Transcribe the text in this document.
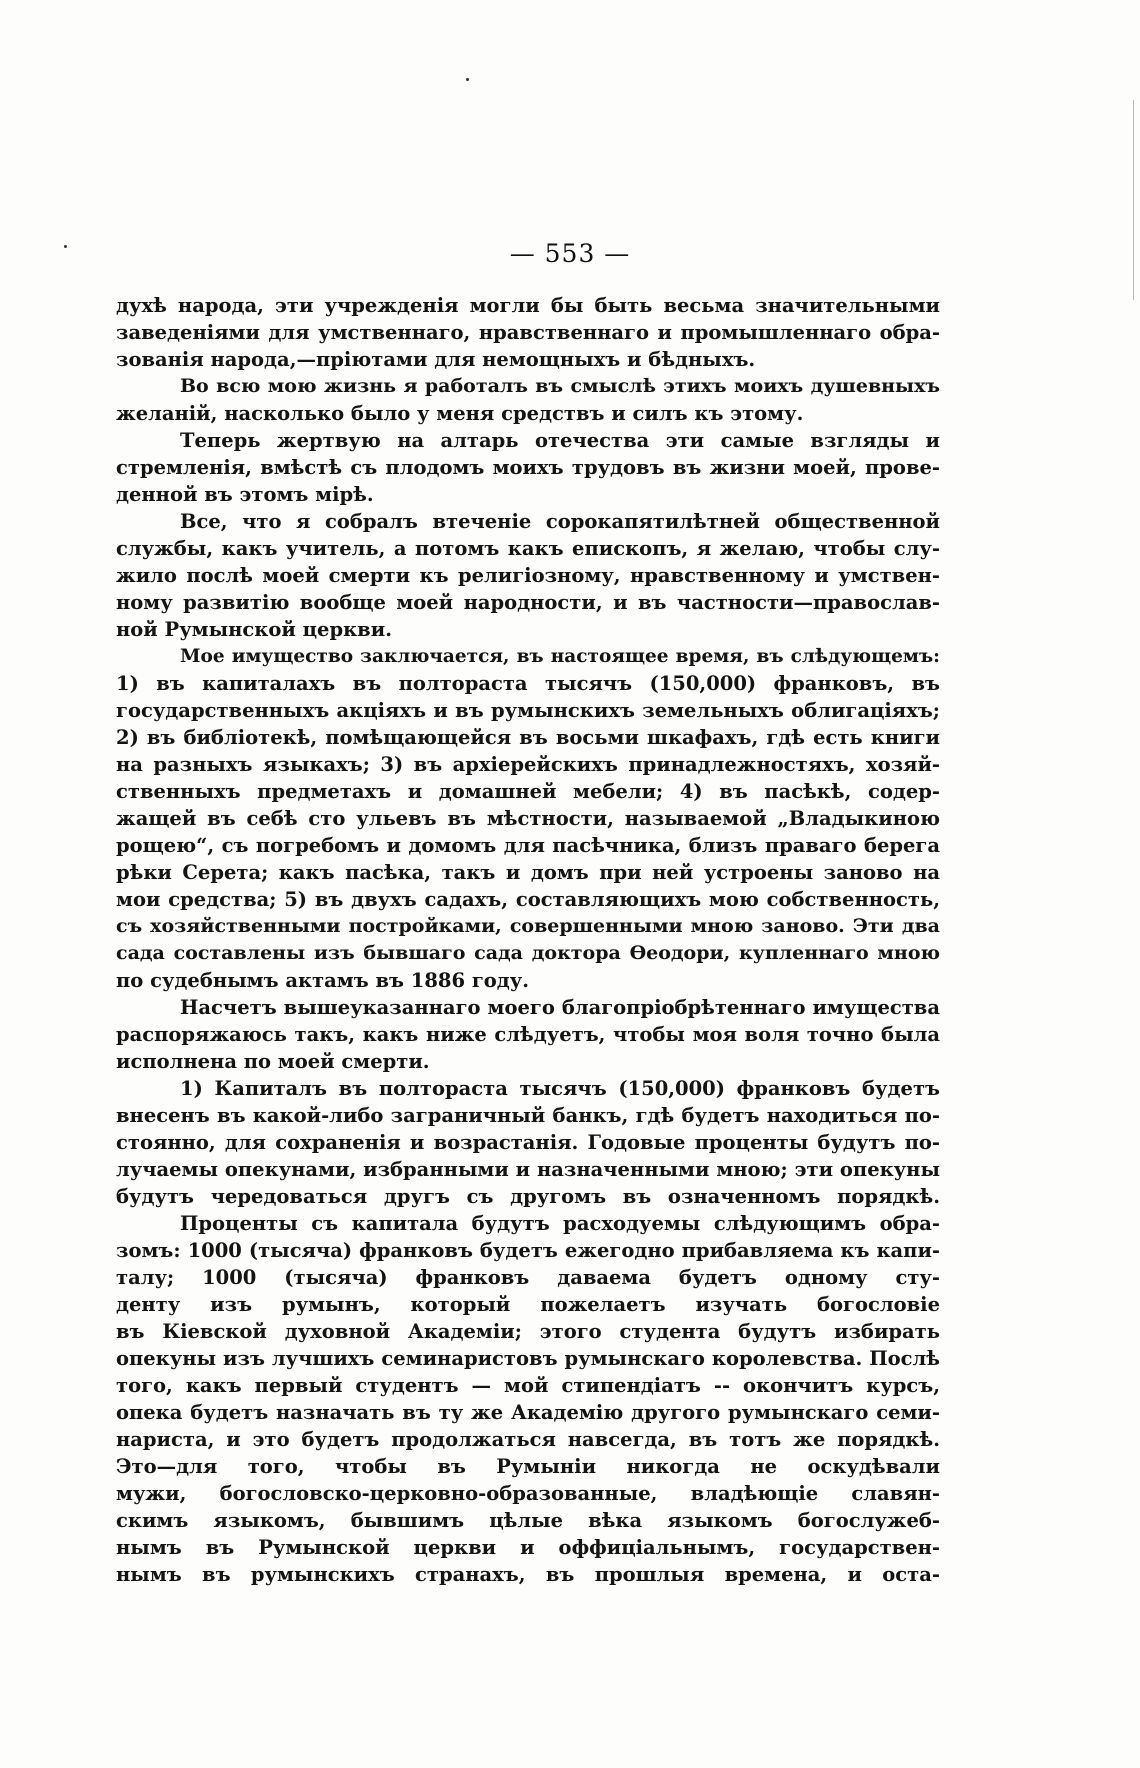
— 553 —
духѣ народа, эти учрежденія могли бы быть весьма значительными
заведеніями для умственнаго, нравственнаго и промышленнаго обра-
зованія народа,—пріютами для немощныхъ и бѣдныхъ.
Во всю мою жизнь я работалъ въ смыслѣ этихъ моихъ душевныхъ
желаній, насколько было у меня средствъ и силъ къ этому.
Теперь жертвую на алтарь отечества эти самые взгляды и
стремленія, вмѣстѣ съ плодомъ моихъ трудовъ въ жизни моей, прове-
денной въ этомъ мірѣ.
Все, что я собралъ втеченіе сорокапятилѣтней общественной
службы, какъ учитель, а потомъ какъ епископъ, я желаю, чтобы слу-
жило послѣ моей смерти къ религіозному, нравственному и умствен-
ному развитію вообще моей народности, и въ частности—православ-
ной Румынской церкви.
Мое имущество заключается, въ настоящее время, въ слѣдующемъ:
1) въ капиталахъ въ полтораста тысячъ (150,000) франковъ, въ
государственныхъ акціяхъ и въ румынскихъ земельныхъ облигаціяхъ;
2) въ библіотекѣ, помѣщающейся въ восьми шкафахъ, гдѣ есть книги
на разныхъ языкахъ; 3) въ архіерейскихъ принадлежностяхъ, хозяй-
ственныхъ предметахъ и домашней мебели; 4) въ пасѣкѣ, содер-
жащей въ себѣ сто ульевъ въ мѣстности, называемой „Владыкиною
рощею“, съ погребомъ и домомъ для пасѣчника, близъ праваго берега
рѣки Серета; какъ пасѣка, такъ и домъ при ней устроены заново на
мои средства; 5) въ двухъ садахъ, составляющихъ мою собственность,
съ хозяйственными постройками, совершенными мною заново. Эти два
сада составлены изъ бывшаго сада доктора Ѳеодори, купленнаго мною
по судебнымъ актамъ въ 1886 году.
Насчетъ вышеуказаннаго моего благопріобрѣтеннаго имущества
распоряжаюсь такъ, какъ ниже слѣдуетъ, чтобы моя воля точно была
исполнена по моей смерти.
1) Капиталъ въ полтораста тысячъ (150,000) франковъ будетъ
внесенъ въ какой-либо заграничный банкъ, гдѣ будетъ находиться по-
стоянно, для сохраненія и возрастанія. Годовые проценты будутъ по-
лучаемы опекунами, избранными и назначенными мною; эти опекуны
будутъ чередоваться другъ съ другомъ въ означенномъ порядкѣ.
Проценты съ капитала будутъ расходуемы слѣдующимъ обра-
зомъ: 1000 (тысяча) франковъ будетъ ежегодно прибавляема къ капи-
талу; 1000 (тысяча) франковъ даваема будетъ одному сту-
денту изъ румынъ, который пожелаетъ изучать богословіе
въ Кіевской духовной Академіи; этого студента будутъ избирать
опекуны изъ лучшихъ семинаристовъ румынскаго королевства. Послѣ
того, какъ первый студентъ — мой стипендіатъ -- окончитъ курсъ,
опека будетъ назначать въ ту же Академію другого румынскаго семи-
нариста, и это будетъ продолжаться навсегда, въ тотъ же порядкѣ.
Это—для того, чтобы въ Румыніи никогда не оскудѣвали
мужи, богословско-церковно-образованные, владѣющіе славян-
скимъ языкомъ, бывшимъ цѣлые вѣка языкомъ богослужеб-
нымъ въ Румынской церкви и оффиціальнымъ, государствен-
нымъ въ румынскихъ странахъ, въ прошлыя времена, и оста-
